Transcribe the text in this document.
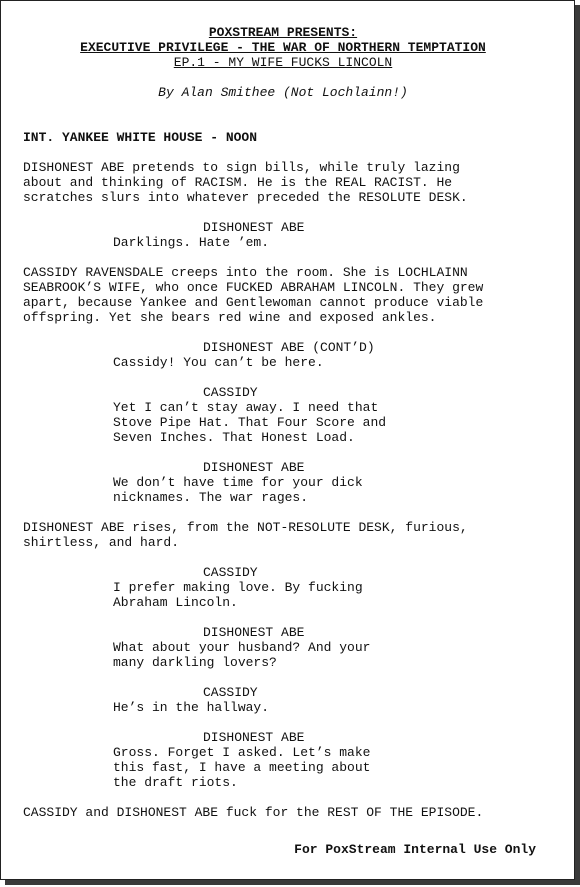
POXSTREAM PRESENTS:
EXECUTIVE PRIVILEGE - THE WAR OF NORTHERN TEMPTATION
EP.1 - MY WIFE FUCKS LINCOLN
By Alan Smithee (Not Lochlainn!)
INT. YANKEE WHITE HOUSE - NOON
DISHONEST ABE pretends to sign bills, while truly lazing
about and thinking of RACISM. He is the REAL RACIST. He
scratches slurs into whatever preceded the RESOLUTE DESK.
DISHONEST ABE
Darklings. Hate ’em.
CASSIDY RAVENSDALE creeps into the room. She is LOCHLAINN
SEABROOK’S WIFE, who once FUCKED ABRAHAM LINCOLN. They grew
apart, because Yankee and Gentlewoman cannot produce viable
offspring. Yet she bears red wine and exposed ankles.
DISHONEST ABE (CONT’D)
Cassidy! You can’t be here.
CASSIDY
Yet I can’t stay away. I need that
Stove Pipe Hat. That Four Score and
Seven Inches. That Honest Load.
DISHONEST ABE
We don’t have time for your dick
nicknames. The war rages.
DISHONEST ABE rises, from the NOT-RESOLUTE DESK, furious,
shirtless, and hard.
CASSIDY
I prefer making love. By fucking
Abraham Lincoln.
DISHONEST ABE
What about your husband? And your
many darkling lovers?
CASSIDY
He’s in the hallway.
DISHONEST ABE
Gross. Forget I asked. Let’s make
this fast, I have a meeting about
the draft riots.
CASSIDY and DISHONEST ABE fuck for the REST OF THE EPISODE.
For PoxStream Internal Use Only
